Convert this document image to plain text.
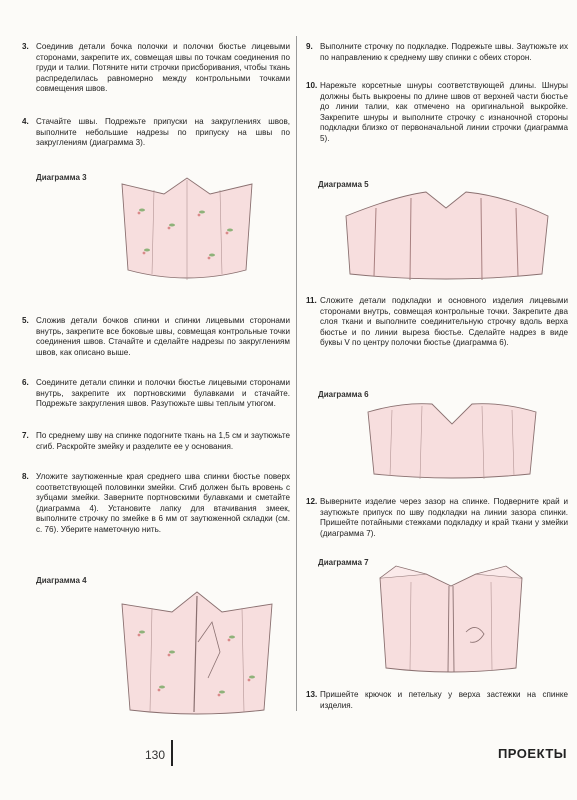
3. Соединив детали бочка полочки и полочки бюстье лицевыми сторонами, закрепите их, совмещая швы по точкам соединения по груди и талии. Потяните нити строчки присборивания, чтобы ткань распределилась равномерно между контрольными точками совмещения швов.
4. Стачайте швы. Подрежьте припуски на закруглениях швов, выполните небольшие надрезы по припуску на швы по закруглениям (диаграмма 3).
Диаграмма 3
5. Сложив детали бочков спинки и спинки лицевыми сторонами внутрь, закрепите все боковые швы, совмещая контрольные точки соединения швов. Стачайте и сделайте надрезы по закруглениям швов, как описано выше.
6. Соедините детали спинки и полочки бюстье лицевыми сторонами внутрь, закрепите их портновскими булавками и стачайте. Подрежьте закругления швов. Разутюжьте швы теплым утюгом.
7. По среднему шву на спинке подогните ткань на 1,5 см и заутюжьте сгиб. Раскройте змейку и разделите ее у основания.
8. Уложите заутюженные края среднего шва спинки бюстье поверх соответствующей половинки змейки. Сгиб должен быть вровень с зубцами змейки. Заверните портновскими булавками и сметайте (диаграмма 4). Установите лапку для втачивания змеек, выполните строчку по змейке в 6 мм от заутюженной складки (см. с. 76). Уберите наметочную нить.
Диаграмма 4
9. Выполните строчку по подкладке. Подрежьте швы. Заутюжьте их по направлению к среднему шву спинки с обеих сторон.
10. Нарежьте корсетные шнуры соответствующей длины. Шнуры должны быть выкроены по длине швов от верхней части бюстье до линии талии, как отмечено на оригинальной выкройке. Закрепите шнуры и выполните строчку с изнаночной стороны подкладки близко от первоначальной линии строчки (диаграмма 5).
Диаграмма 5
11. Сложите детали подкладки и основного изделия лицевыми сторонами внутрь, совмещая контрольные точки. Закрепите два слоя ткани и выполните соединительную строчку вдоль верха бюстье и по линии выреза бюстье. Сделайте надрез в виде буквы V по центру полочки бюстье (диаграмма 6).
Диаграмма 6
12. Выверните изделие через зазор на спинке. Подверните край и заутюжьте припуск по шву подкладки на линии зазора спинки. Пришейте потайными стежками подкладку и край ткани у змейки (диаграмма 7).
Диаграмма 7
13. Пришейте крючок и петельку у верха застежки на спинке изделия.
130	ПРОЕКТЫ
